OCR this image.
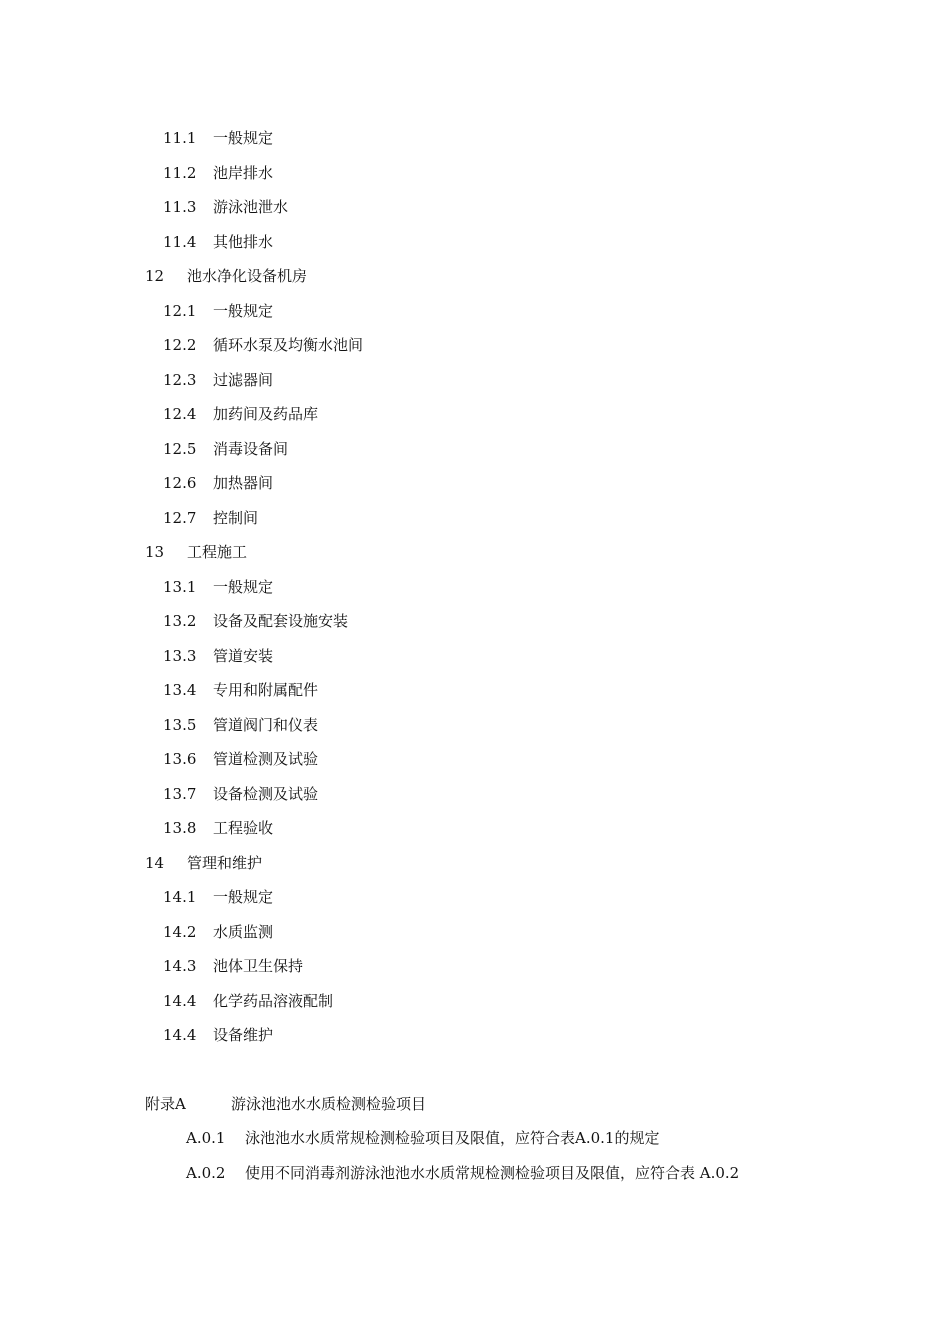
11.1 一般规定
11.2 池岸排水
11.3 游泳池泄水
11.4 其他排水
12 池水净化设备机房
12.1 一般规定
12.2 循环水泵及均衡水池间
12.3 过滤器间
12.4 加药间及药品库
12.5 消毒设备间
12.6 加热器间
12.7 控制间
13 工程施工
13.1 一般规定
13.2 设备及配套设施安装
13.3 管道安装
13.4 专用和附属配件
13.5 管道阀门和仪表
13.6 管道检测及试验
13.7 设备检测及试验
13.8 工程验收
14 管理和维护
14.1 一般规定
14.2 水质监测
14.3 池体卫生保持
14.4 化学药品溶液配制
14.4 设备维护
附录A	游泳池池水水质检测检验项目
A.0.1 泳池池水水质常规检测检验项目及限值，应符合表A.0.1的规定
A.0.2 使用不同消毒剂游泳池池水水质常规检测检验项目及限值，应符合表 A.0.2
